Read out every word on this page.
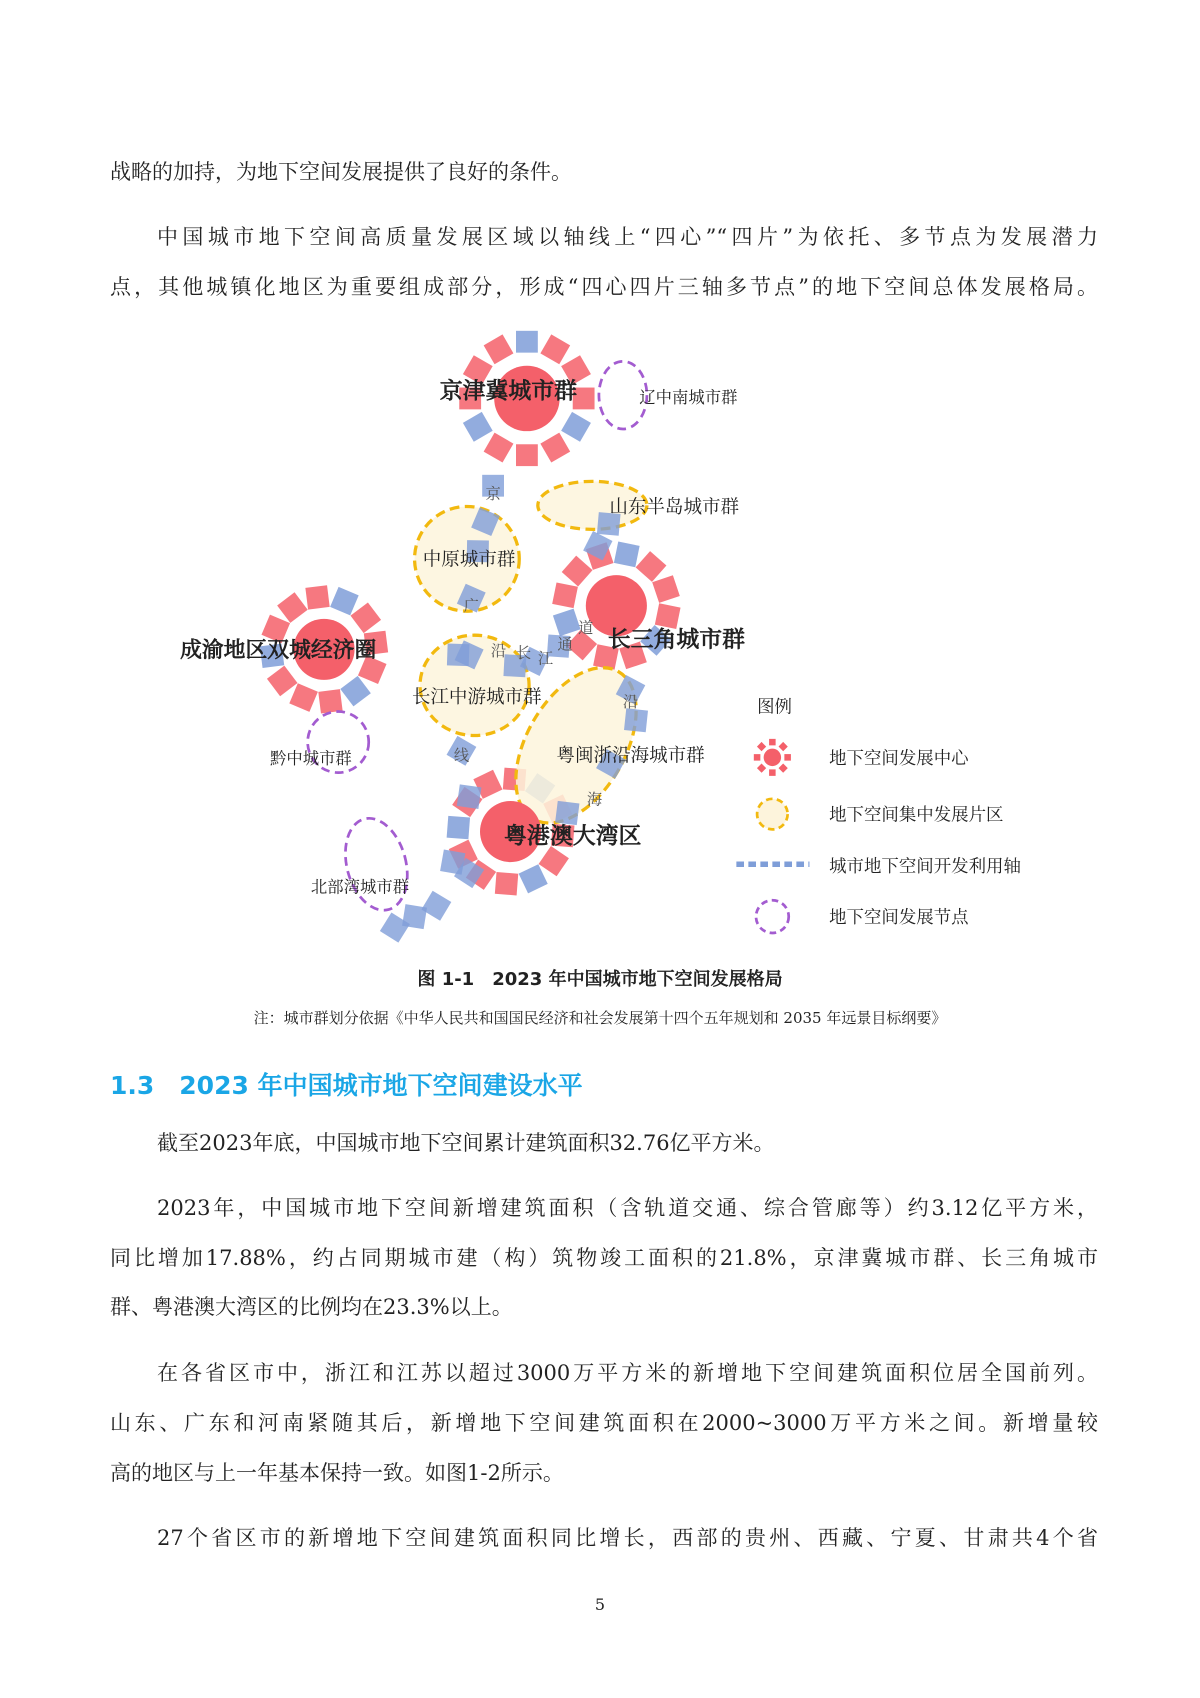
战略的加持，为地下空间发展提供了良好的条件。
中国城市地下空间高质量发展区域以轴线上“四心”“四片”为依托、多节点为发展潜力
点，其他城镇化地区为重要组成部分，形成“四心四片三轴多节点”的地下空间总体发展格局。
京津冀城市群
长三角城市群
成渝地区双城经济圈
粤港澳大湾区
山东半岛城市群
中原城市群
长江中游城市群
粤闽浙沿海城市群
辽中南城市群
黔中城市群
北部湾城市群
京
广
沿 长 江
通
道
沿
线
海
图例
地下空间发展中心
地下空间集中发展片区
城市地下空间开发利用轴
地下空间发展节点
图 1-1　2023 年中国城市地下空间发展格局
注：城市群划分依据《中华人民共和国国民经济和社会发展第十四个五年规划和 2035 年远景目标纲要》
1.3　2023 年中国城市地下空间建设水平
截至2023年底，中国城市地下空间累计建筑面积32.76亿平方米。
2023年，中国城市地下空间新增建筑面积（含轨道交通、综合管廊等）约3.12亿平方米，
同比增加17.88%，约占同期城市建（构）筑物竣工面积的21.8%，京津冀城市群、长三角城市
群、粤港澳大湾区的比例均在23.3%以上。
在各省区市中，浙江和江苏以超过3000万平方米的新增地下空间建筑面积位居全国前列。
山东、广东和河南紧随其后，新增地下空间建筑面积在2000~3000万平方米之间。新增量较
高的地区与上一年基本保持一致。如图1-2所示。
27个省区市的新增地下空间建筑面积同比增长，西部的贵州、西藏、宁夏、甘肃共4个省
5
